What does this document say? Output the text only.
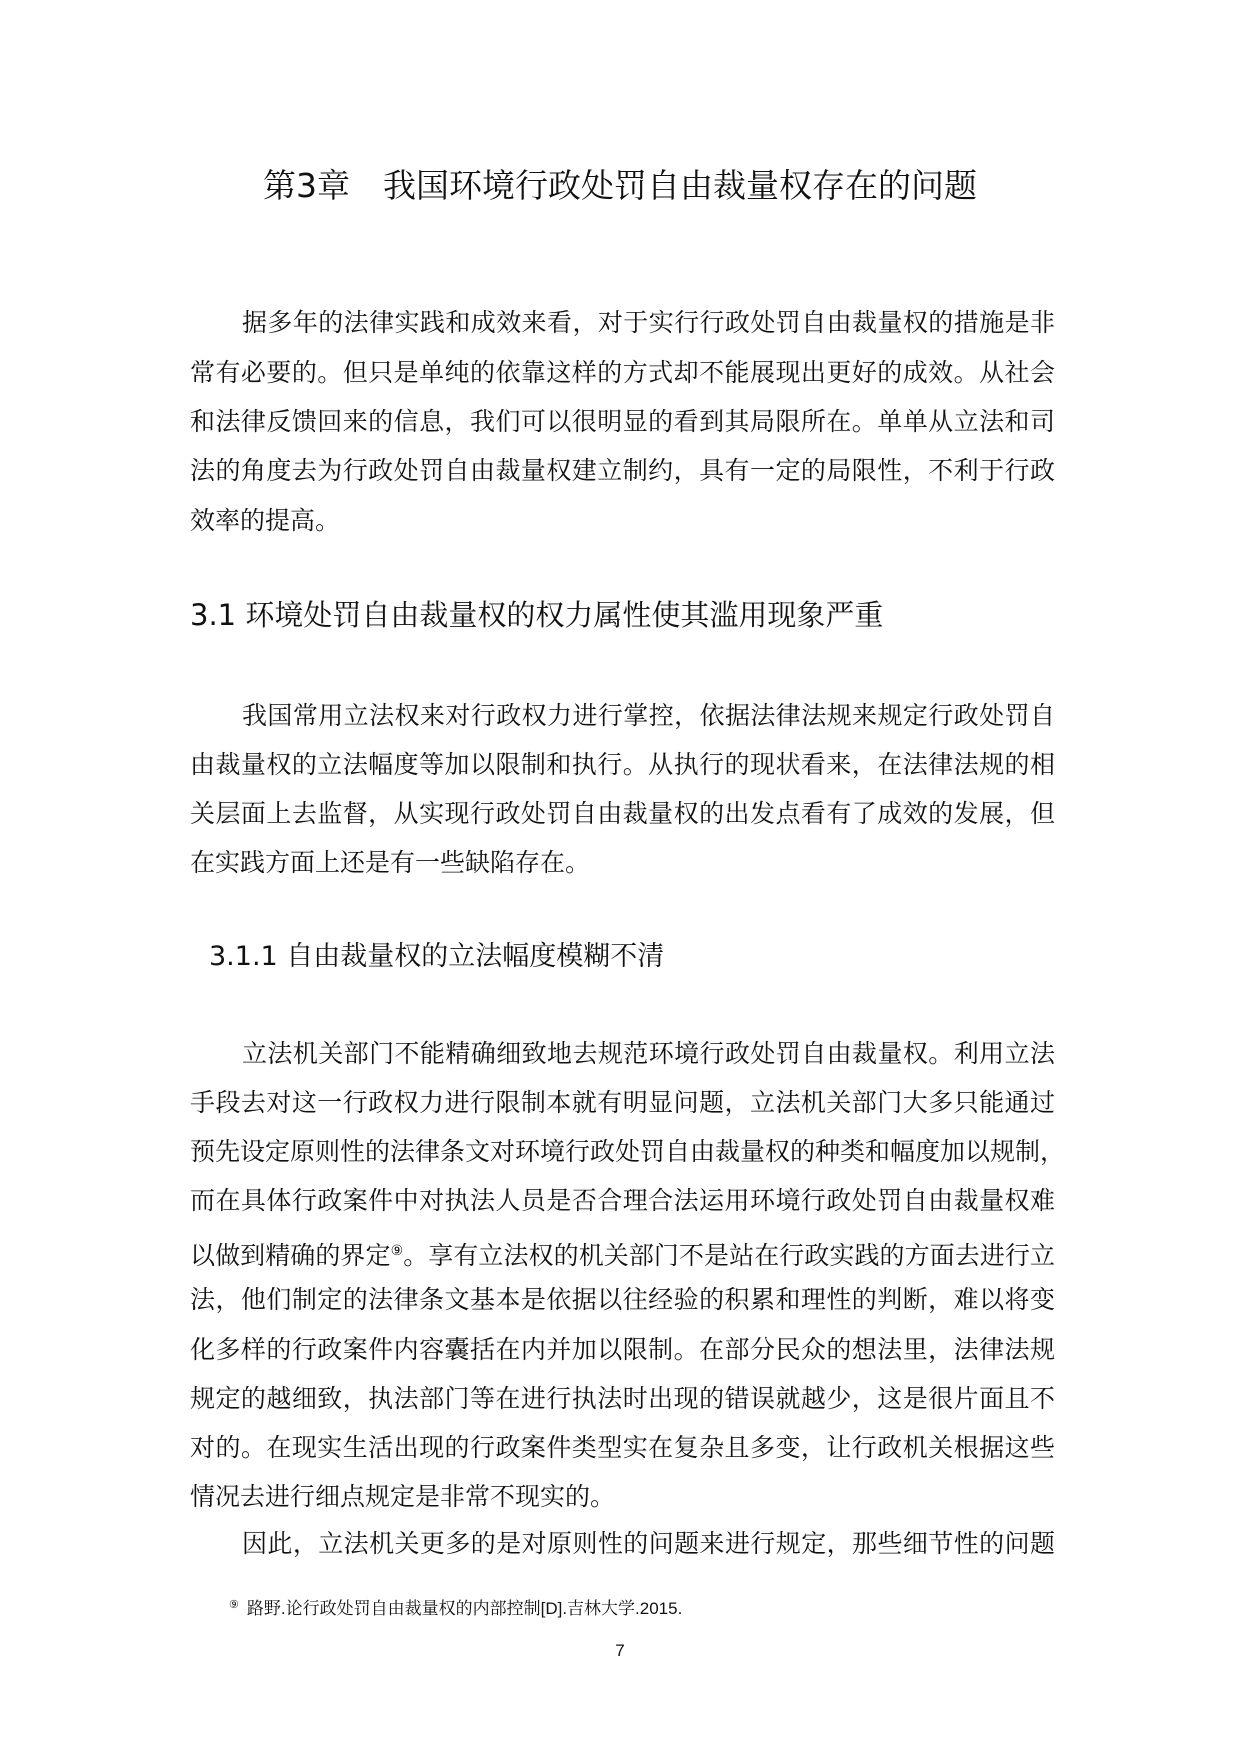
第3章　我国环境行政处罚自由裁量权存在的问题
据多年的法律实践和成效来看，对于实行行政处罚自由裁量权的措施是非
常有必要的。但只是单纯的依靠这样的方式却不能展现出更好的成效。从社会
和法律反馈回来的信息，我们可以很明显的看到其局限所在。单单从立法和司
法的角度去为行政处罚自由裁量权建立制约，具有一定的局限性，不利于行政
效率的提高。
3.1 环境处罚自由裁量权的权力属性使其滥用现象严重
我国常用立法权来对行政权力进行掌控，依据法律法规来规定行政处罚自
由裁量权的立法幅度等加以限制和执行。从执行的现状看来，在法律法规的相
关层面上去监督，从实现行政处罚自由裁量权的出发点看有了成效的发展，但
在实践方面上还是有一些缺陷存在。
3.1.1 自由裁量权的立法幅度模糊不清
立法机关部门不能精确细致地去规范环境行政处罚自由裁量权。利用立法
手段去对这一行政权力进行限制本就有明显问题，立法机关部门大多只能通过
预先设定原则性的法律条文对环境行政处罚自由裁量权的种类和幅度加以规制，
而在具体行政案件中对执法人员是否合理合法运用环境行政处罚自由裁量权难
以做到精确的界定⑨。享有立法权的机关部门不是站在行政实践的方面去进行立
法，他们制定的法律条文基本是依据以往经验的积累和理性的判断，难以将变
化多样的行政案件内容囊括在内并加以限制。在部分民众的想法里，法律法规
规定的越细致，执法部门等在进行执法时出现的错误就越少，这是很片面且不
对的。在现实生活出现的行政案件类型实在复杂且多变，让行政机关根据这些
情况去进行细点规定是非常不现实的。
因此，立法机关更多的是对原则性的问题来进行规定，那些细节性的问题
⑨ 路野.论行政处罚自由裁量权的内部控制[D].吉林大学.2015.
7
